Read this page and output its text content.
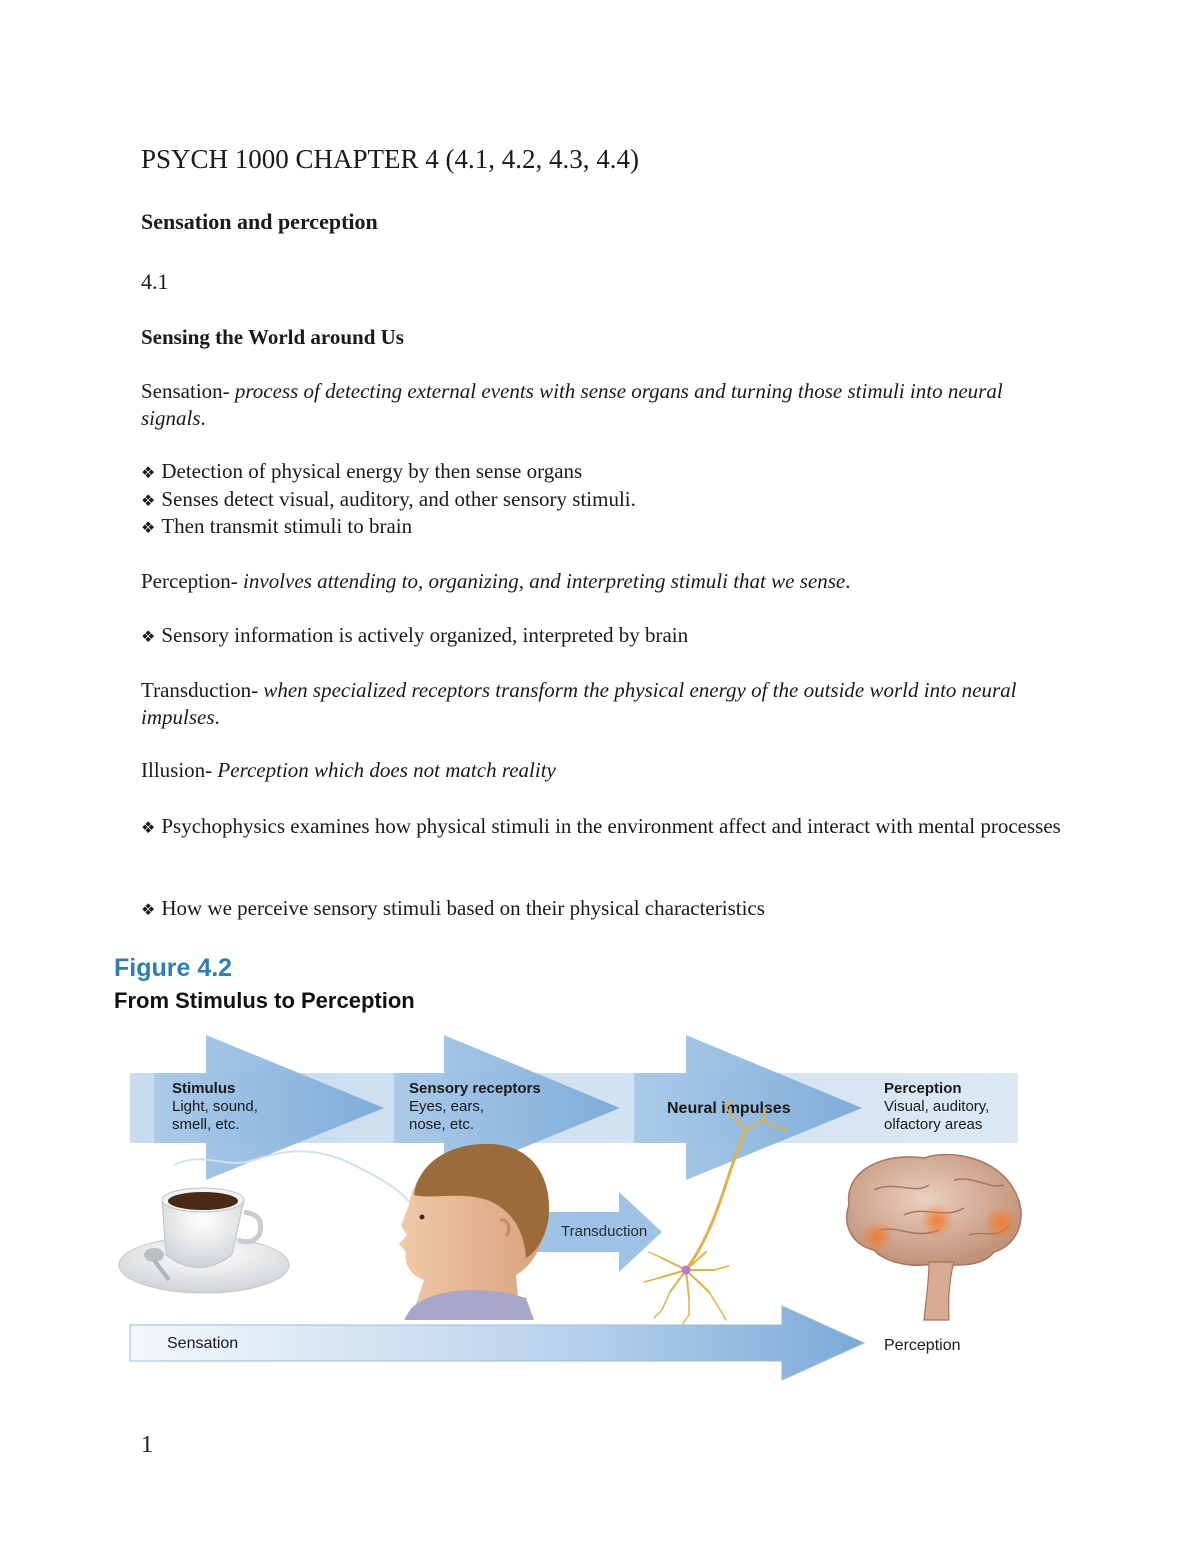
PSYCH 1000 CHAPTER 4 (4.1, 4.2, 4.3, 4.4)

Sensation and perception

4.1

Sensing the World around Us

Sensation- process of detecting external events with sense organs and turning those stimuli into neural signals.

❖ Detection of physical energy by then sense organs

❖ Senses detect visual, auditory, and other sensory stimuli.

❖ Then transmit stimuli to brain

Perception- involves attending to, organizing, and interpreting stimuli that we sense.

❖ Sensory information is actively organized, interpreted by brain

Transduction- when specialized receptors transform the physical energy of the outside world into neural impulses.

Illusion- Perception which does not match reality

❖ Psychophysics examines how physical stimuli in the environment affect and interact with mental processes

❖ How we perceive sensory stimuli based on their physical characteristics

Figure 4.2
From Stimulus to Perception
Stimulus
Light, sound,
smell, etc.
Sensory receptors
Eyes, ears,
nose, etc.
Neural impulses
Perception
Visual, auditory,
olfactory areas
Transduction
Sensation	Perception
1
